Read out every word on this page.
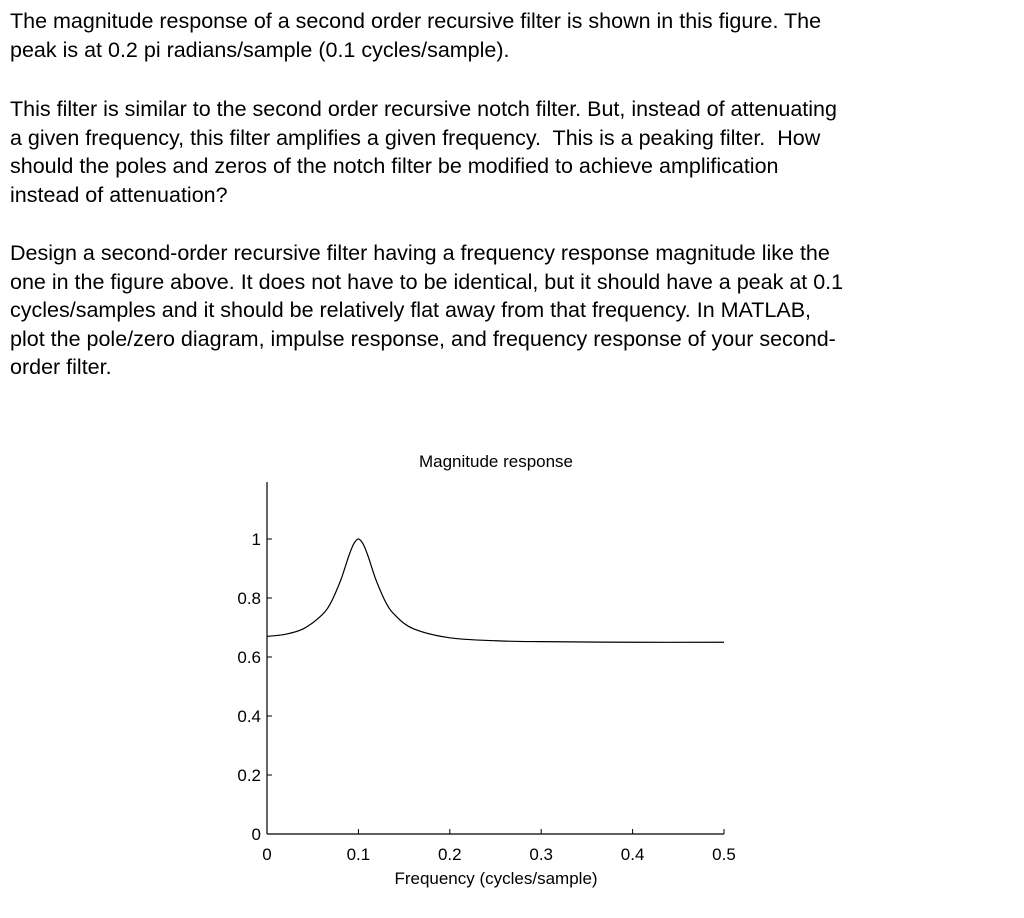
The magnitude response of a second order recursive filter is shown in this figure. The
peak is at 0.2 pi radians/sample (0.1 cycles/sample).
This filter is similar to the second order recursive notch filter. But, instead of attenuating
a given frequency, this filter amplifies a given frequency.  This is a peaking filter.  How
should the poles and zeros of the notch filter be modified to achieve amplification
instead of attenuation?
Design a second-order recursive filter having a frequency response magnitude like the
one in the figure above. It does not have to be identical, but it should have a peak at 0.1
cycles/samples and it should be relatively flat away from that frequency. In MATLAB,
plot the pole/zero diagram, impulse response, and frequency response of your second-
order filter.
Magnitude response
0
0.2
0.4
0.6
0.8
1
0	0.1	0.2	0.3	0.4	0.5
Frequency (cycles/sample)
